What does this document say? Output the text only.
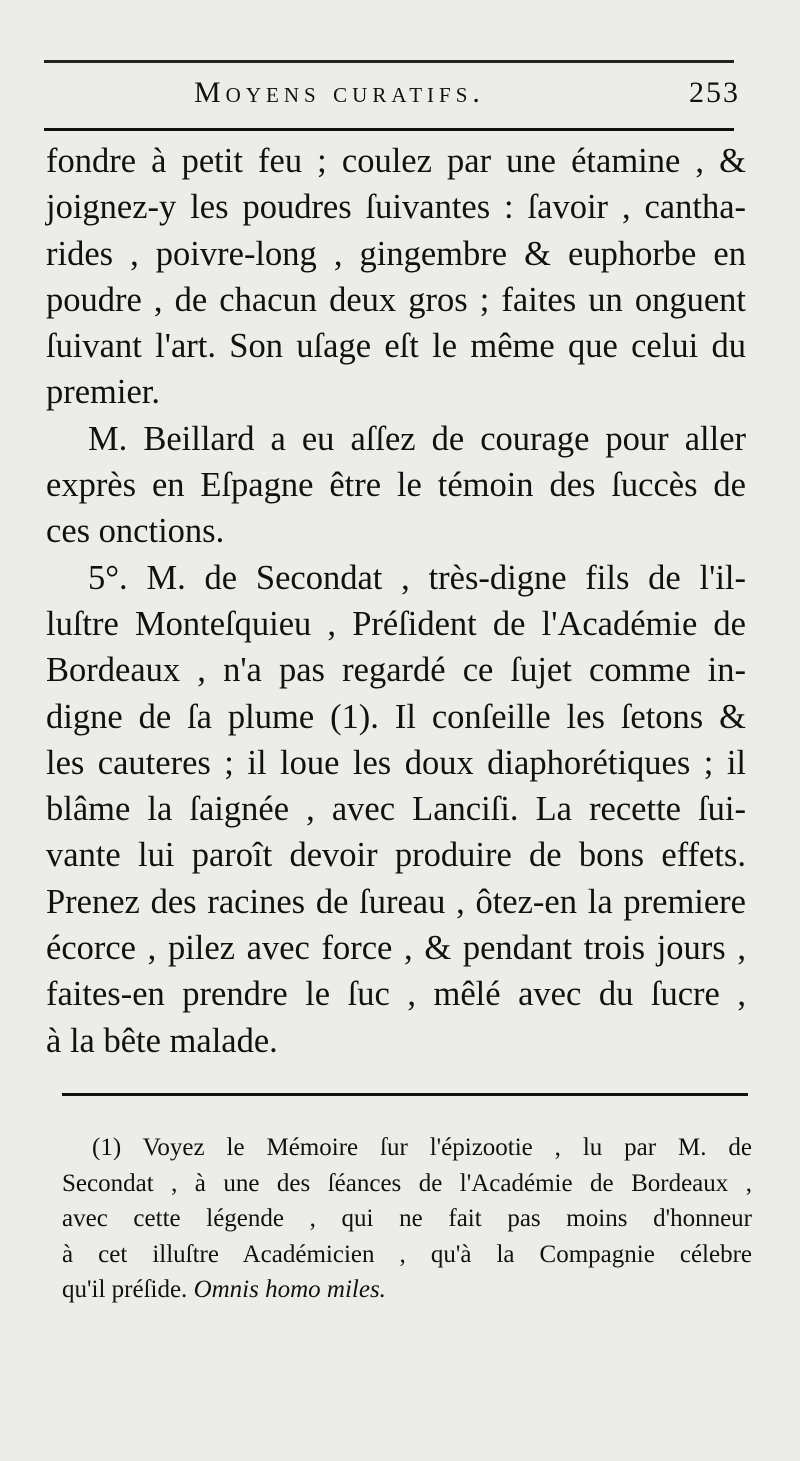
Moyens curatifs.	253

fondre à petit feu ; coulez par une étamine , &
joignez-y les poudres ſuivantes : ſavoir , cantha-
rides , poivre-long , gingembre & euphorbe en
poudre , de chacun deux gros ; faites un onguent
ſuivant l'art. Son uſage eſt le même que celui du
premier.

M. Beillard a eu aſſez de courage pour aller
exprès en Eſpagne être le témoin des ſuccès de
ces onctions.

5°. M. de Secondat , très-digne fils de l'il-
luſtre Monteſquieu , Préſident de l'Académie de
Bordeaux , n'a pas regardé ce ſujet comme in-
digne de ſa plume (1). Il conſeille les ſetons &
les cauteres ; il loue les doux diaphorétiques ; il
blâme la ſaignée , avec Lanciſi. La recette ſui-
vante lui paroît devoir produire de bons effets.
Prenez des racines de ſureau , ôtez-en la premiere
écorce , pilez avec force , & pendant trois jours ,
faites-en prendre le ſuc , mêlé avec du ſucre ,
à la bête malade.

(1) Voyez le Mémoire ſur l'épizootie , lu par M. de
Secondat , à une des ſéances de l'Académie de Bordeaux ,
avec cette légende , qui ne fait pas moins d'honneur
à cet illuſtre Académicien , qu'à la Compagnie célebre
qu'il préſide. Omnis homo miles.
